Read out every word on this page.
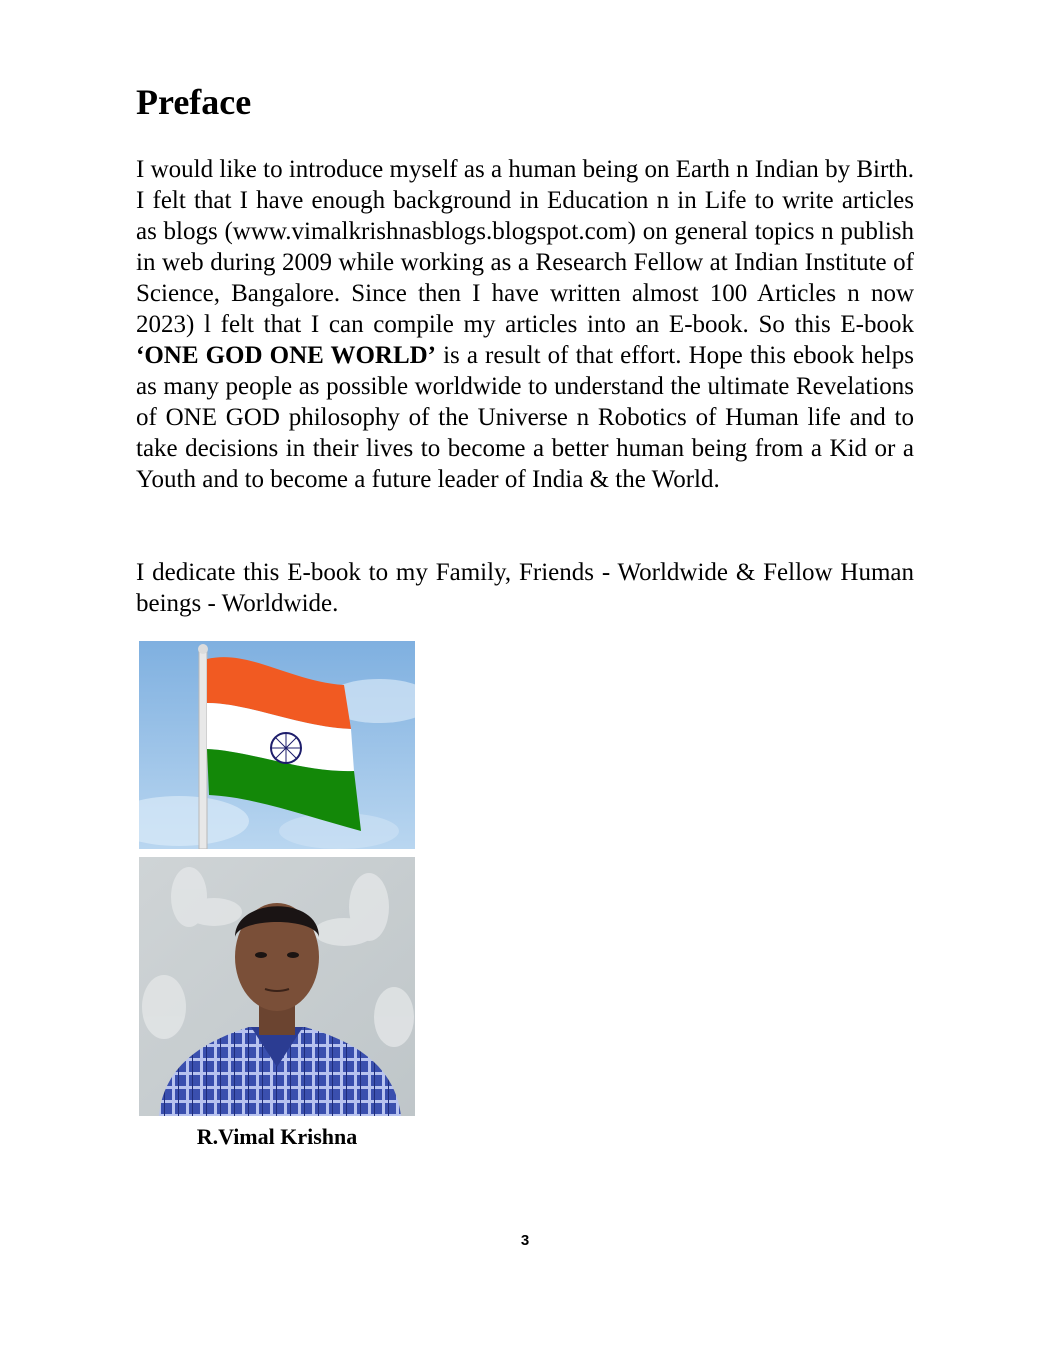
Preface

I would like to introduce myself as a human being on Earth n Indian by Birth. I felt that I have enough background in Education n in Life to write articles as blogs (www.vimalkrishnasblogs.blogspot.com) on general topics n publish in web during 2009 while working as a Research Fellow at Indian Institute of Science, Bangalore. Since then I have written almost 100 Articles n now 2023) l felt that I can compile my articles into an E-book. So this E-book ‘ONE GOD ONE WORLD’ is a result of that effort. Hope this ebook helps as many people as possible worldwide to understand the ultimate Revelations of ONE GOD philosophy of the Universe n Robotics of Human life and to take decisions in their lives to become a better human being from a Kid or a Youth and to become a future leader of India & the World.

I dedicate this E-book to my Family, Friends - Worldwide & Fellow Human beings - Worldwide.

R.Vimal Krishna

3
